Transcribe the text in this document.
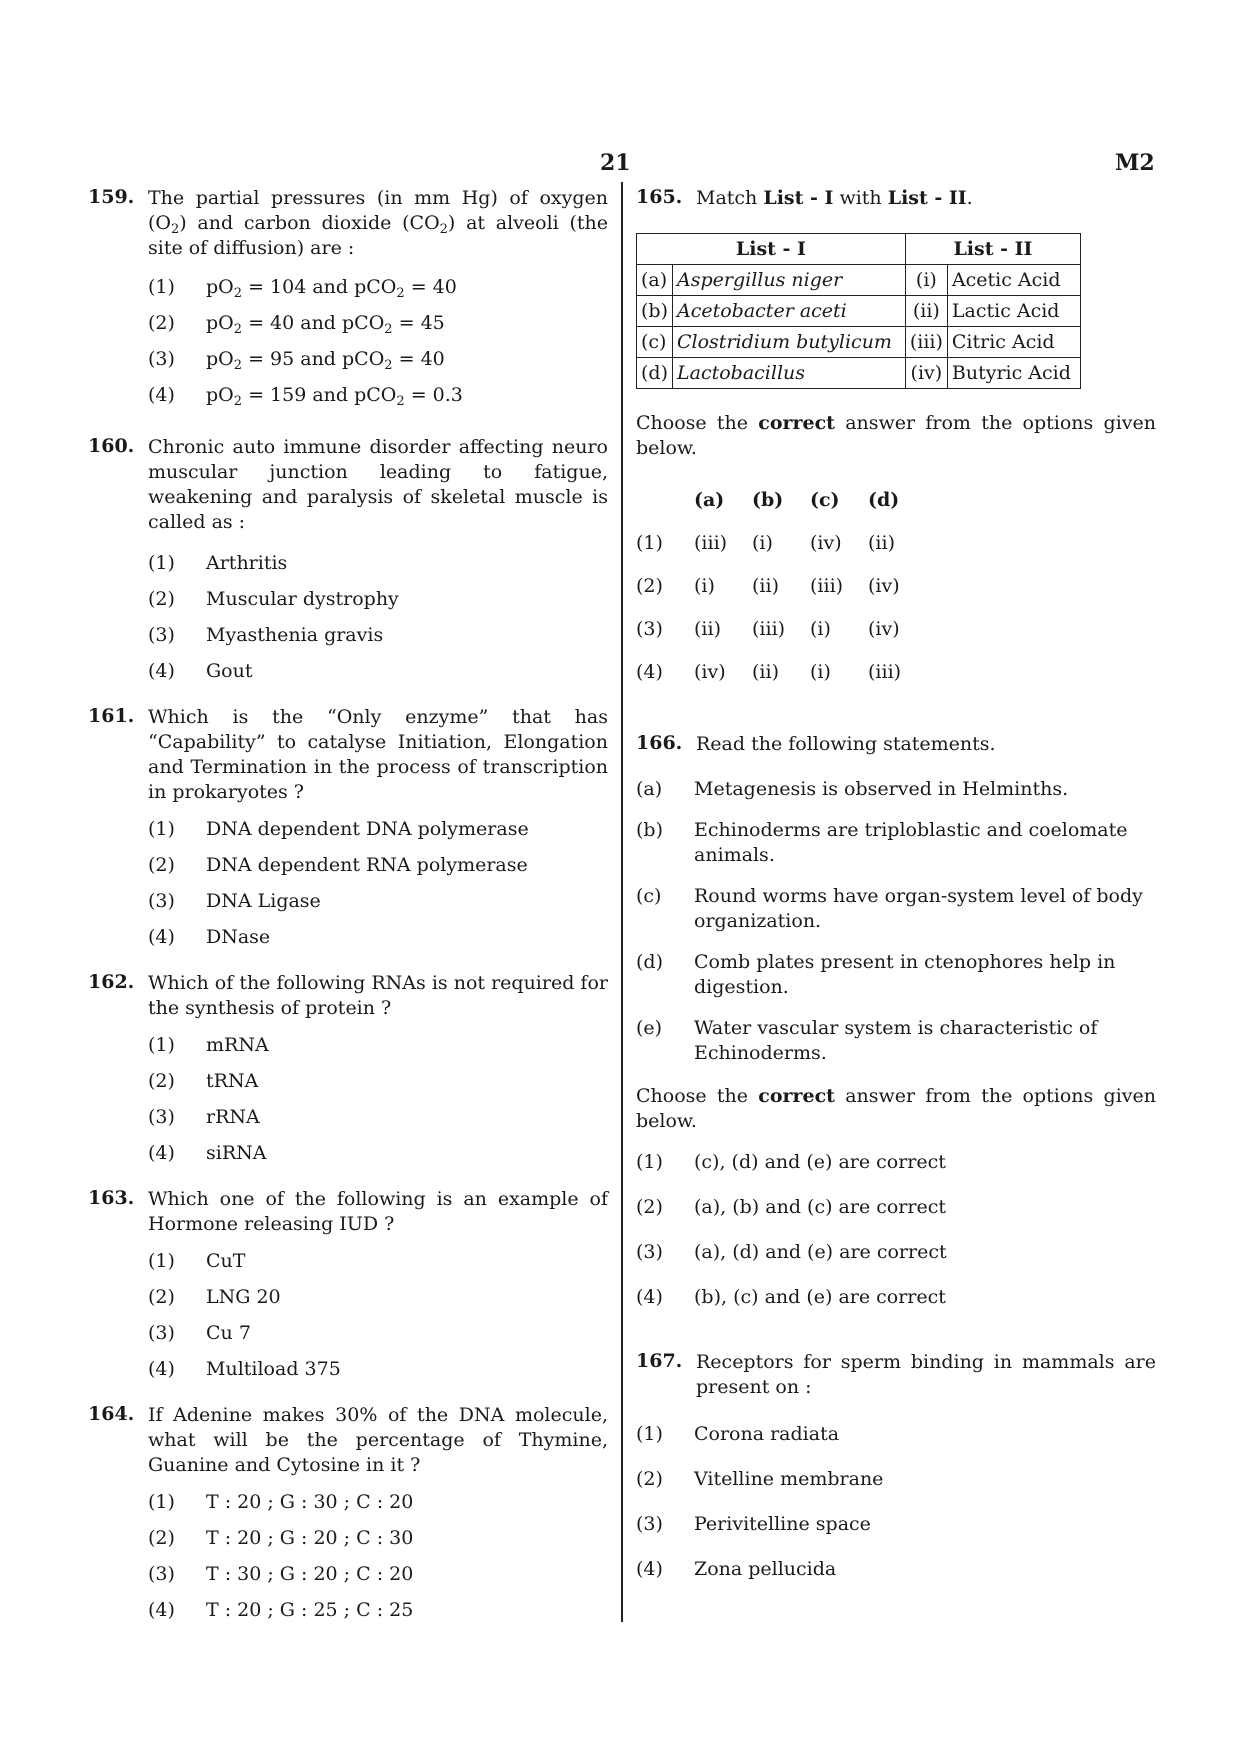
21	M2
159. The partial pressures (in mm Hg) of oxygen $(O_2)$ and carbon dioxide $(CO_2)$ at alveoli (the site of diffusion) are :
(1) $pO_2 = 104$ and pCO$_2$ = 40
(2) $pO_2 = 40$ and pCO$_2$ = 45
(3) $pO_2 = 95$ and pCO$_2$ = 40
(4) $pO_2 = 159$ and pCO$_2$ = 0.3
160. Chronic auto immune disorder affecting neuro muscular junction leading to fatigue, weakening and paralysis of skeletal muscle is called as :
(1) Arthritis
(2) Muscular dystrophy
(3) Myasthenia gravis
(4) Gout
161. Which is the “Only enzyme” that has “Capability” to catalyse Initiation, Elongation and Termination in the process of transcription in prokaryotes ?
(1) DNA dependent DNA polymerase
(2) DNA dependent RNA polymerase
(3) DNA Ligase
(4) DNase
162. Which of the following RNAs is not required for the synthesis of protein ?
(1) mRNA
(2) tRNA
(3) rRNA
(4) siRNA
163. Which one of the following is an example of Hormone releasing IUD ?
(1) CuT
(2) LNG 20
(3) Cu 7
(4) Multiload 375
164. If Adenine makes 30% of the DNA molecule, what will be the percentage of Thymine, Guanine and Cytosine in it ?
(1) T : 20 ; G : 30 ; C : 20
(2) T : 20 ; G : 20 ; C : 30
(3) T : 30 ; G : 20 ; C : 20
(4) T : 20 ; G : 25 ; C : 25
165. Match List - I with List - II.
List - I		List - II	
(a)	Aspergillus niger	(i)	Acetic Acid
(b)	Acetobacter aceti	(ii)	Lactic Acid
(c)	Clostridium butylicum	(iii)	Citric Acid
(d)	Lactobacillus	(iv)	Butyric Acid
Choose the correct answer from the options given below.
(a) (b) (c) (d)
(1) (iii) (i) (iv) (ii)
(2) (i) (ii) (iii) (iv)
(3) (ii) (iii) (i) (iv)
(4) (iv) (ii) (i) (iii)
166. Read the following statements.
(a)	Metagenesis is observed in Helminths.
(b)	Echinoderms are triploblastic and coelomate animals.
(c)	Round worms have organ-system level of body organization.
(d)	Comb plates present in ctenophores help in digestion.
(e)	Water vascular system is characteristic of Echinoderms.
Choose the correct answer from the options given below.
(1) (c), (d) and (e) are correct
(2) (a), (b) and (c) are correct
(3) (a), (d) and (e) are correct
(4) (b), (c) and (e) are correct
167. Receptors for sperm binding in mammals are present on :
(1) Corona radiata
(2) Vitelline membrane
(3) Perivitelline space
(4) Zona pellucida
